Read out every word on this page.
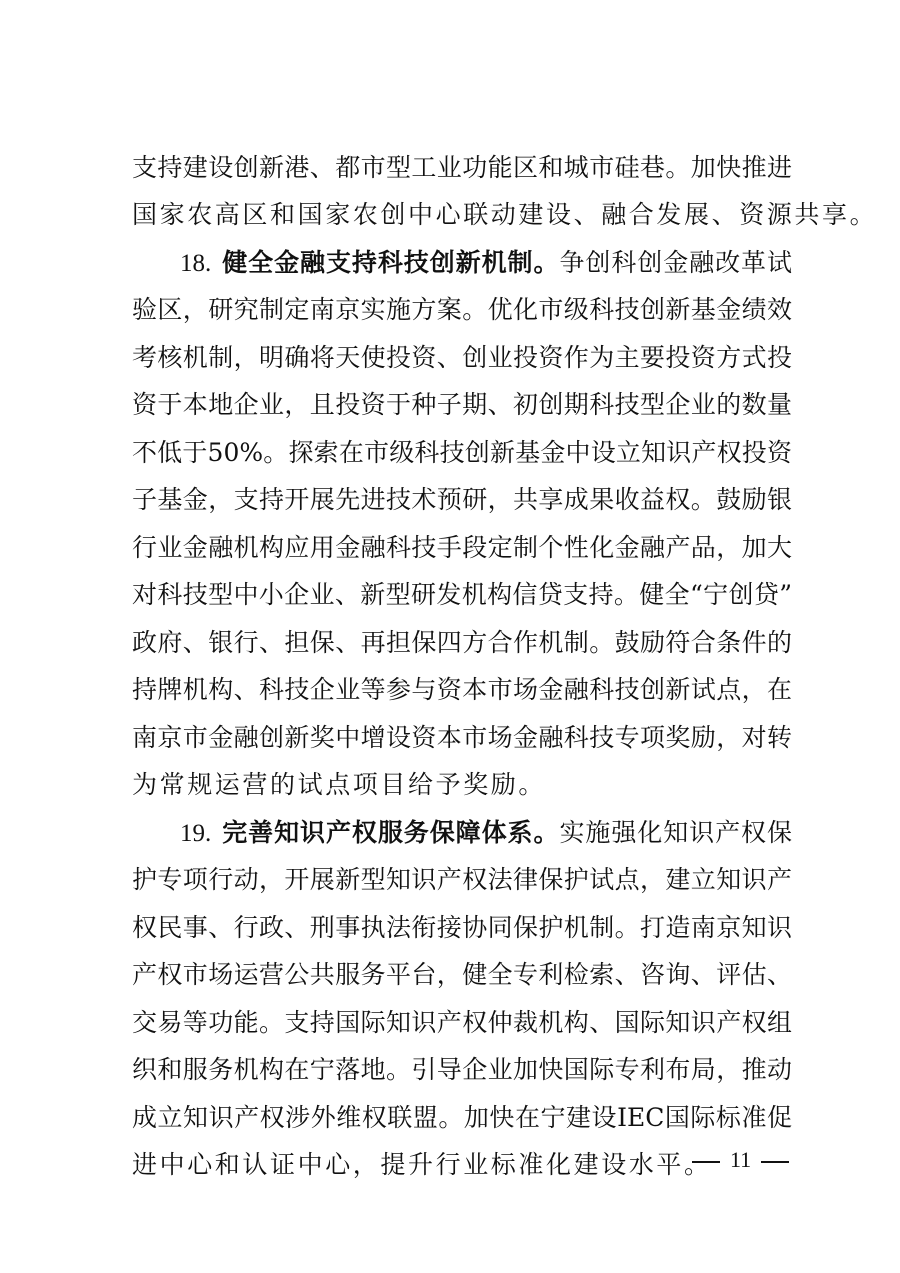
支持建设创新港、都市型工业功能区和城市硅巷。加快推进
国家农高区和国家农创中心联动建设、融合发展、资源共享。
18. 健全金融支持科技创新机制。争创科创金融改革试
验区，研究制定南京实施方案。优化市级科技创新基金绩效
考核机制，明确将天使投资、创业投资作为主要投资方式投
资于本地企业，且投资于种子期、初创期科技型企业的数量
不低于50%。探索在市级科技创新基金中设立知识产权投资
子基金，支持开展先进技术预研，共享成果收益权。鼓励银
行业金融机构应用金融科技手段定制个性化金融产品，加大
对科技型中小企业、新型研发机构信贷支持。健全“宁创贷”
政府、银行、担保、再担保四方合作机制。鼓励符合条件的
持牌机构、科技企业等参与资本市场金融科技创新试点，在
南京市金融创新奖中增设资本市场金融科技专项奖励，对转
为常规运营的试点项目给予奖励。
19. 完善知识产权服务保障体系。实施强化知识产权保
护专项行动，开展新型知识产权法律保护试点，建立知识产
权民事、行政、刑事执法衔接协同保护机制。打造南京知识
产权市场运营公共服务平台，健全专利检索、咨询、评估、
交易等功能。支持国际知识产权仲裁机构、国际知识产权组
织和服务机构在宁落地。引导企业加快国际专利布局，推动
成立知识产权涉外维权联盟。加快在宁建设IEC国际标准促
11
进中心和认证中心，提升行业标准化建设水平。
